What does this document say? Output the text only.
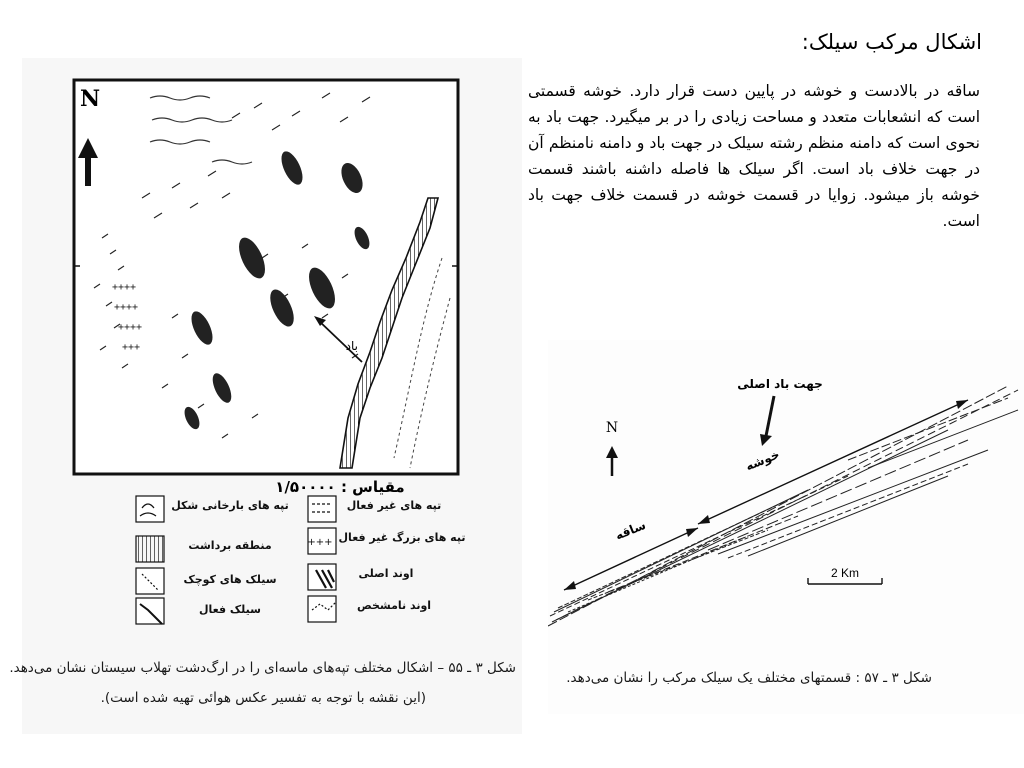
اشکال مرکب سیلک:

ساقه در بالادست و خوشه در پایین دست قرار دارد. خوشه قسمتی است که انشعابات متعدد و مساحت زیادی را در بر میگیرد. جهت باد به نحوی است که دامنه منظم رشته سیلک در جهت باد و دامنه نامنظم آن در جهت خلاف باد است. اگر سیلک ها فاصله داشنه باشند قسمت خوشه باز میشود. زوایا در قسمت خوشه در قسمت خلاف جهت باد است.

N
++++
++++
++++
+++	باد
مقیاس : ۱/۵۰۰۰۰
+++
تپه های بارخانی شکل
منطقه برداشت
سیلک های کوچک
سیلک فعال
تپه های غیر فعال
تپه های بزرگ غیر فعال
اوند اصلی
اوند نامشخص
شکل ۳ ـ ۵۵ – اشکال مختلف تپه‌های ماسه‌ای را در ارگ‌دشت تهلاب سیستان نشان می‌دهد.
(این نقشه با توجه به تفسیر عکس هوائی تهیه شده است).
جهت باد اصلی
N
خوشه
ساقه
2 Km
شکل ۳ ـ ۵۷ : قسمتهای مختلف یک سیلک مرکب را نشان می‌دهد.
